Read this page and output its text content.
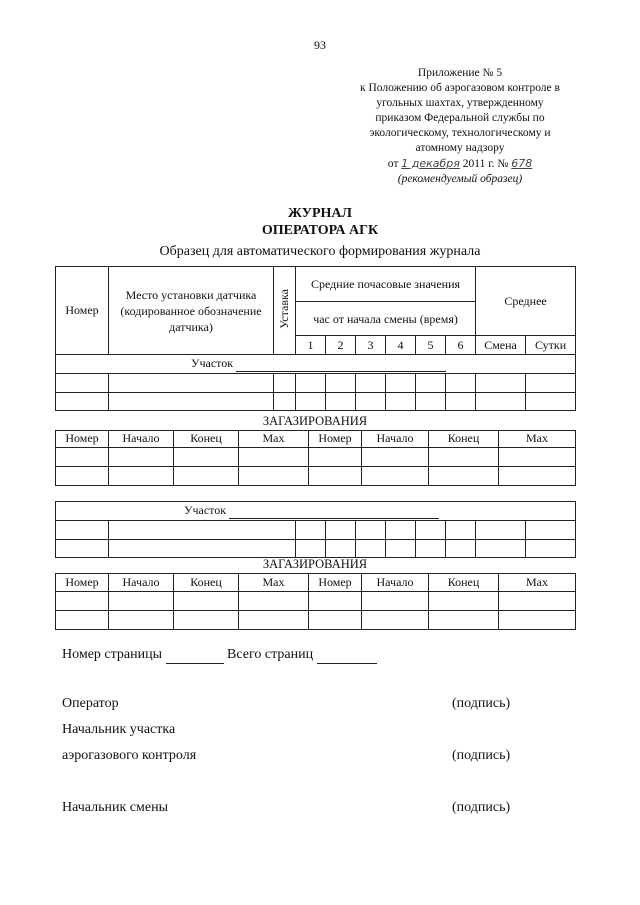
93
Приложение № 5
к Положению об аэрогазовом контроле в
угольных шахтах, утвержденному
приказом Федеральной службы по
экологическому, технологическому и
атомному надзору
от 1 декабря 2011 г. № 678
(рекомендуемый образец)
ЖУРНАЛ
ОПЕРАТОРА АГК
Образец для автоматического формирования журнала
Номер	Место установки датчика (кодированное обозначение датчика)	Уставка	Средние почасовые значения						Среднее	
			час от начала смены (время)							
			1	2	3	4	5	6	Смена	Сутки
Участок										

Номер	Начало	Конец	Max	Номер	Начало	Конец	Max

ЗАГАЗИРОВАНИЯ
Участок									

ЗАГАЗИРОВАНИЯ
Номер	Начало	Конец	Max	Номер	Начало	Конец	Max

Номер страницы	Всего страниц
Оператор	(подпись)
Начальник участка
аэрогазового контроля	(подпись)
Начальник смены	(подпись)
